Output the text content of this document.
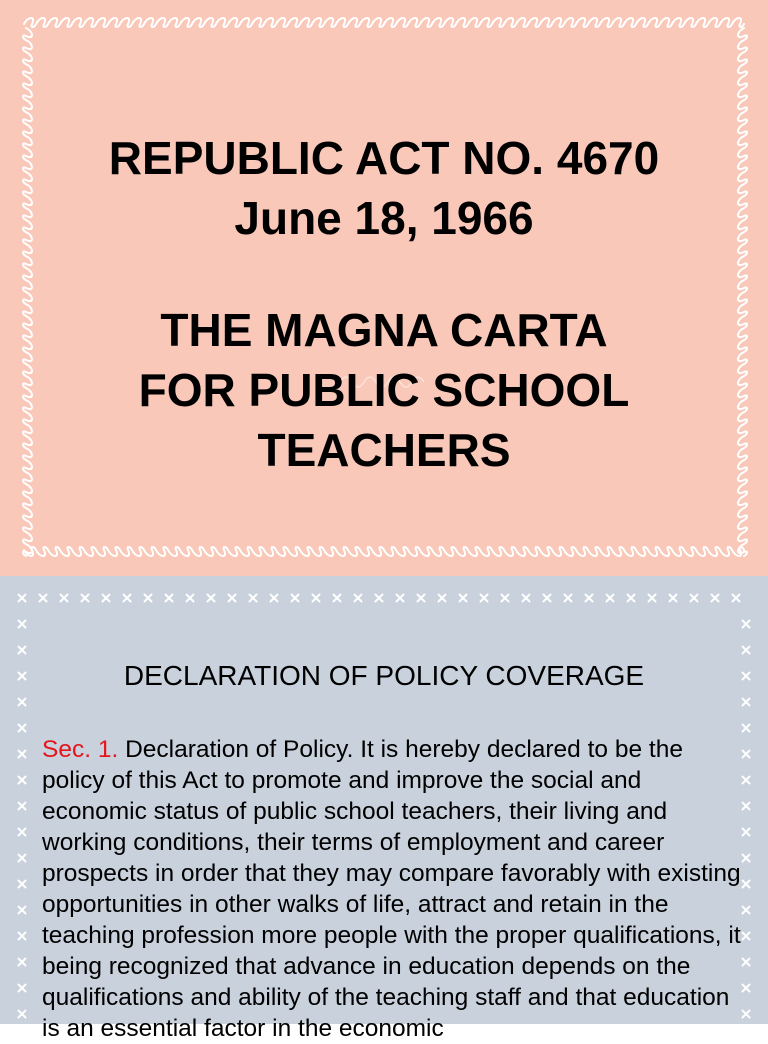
REPUBLIC ACT NO. 4670
June 18, 1966
THE MAGNA CARTA
FOR PUBLIC SCHOOL
TEACHERS
DECLARATION OF POLICY COVERAGE
Sec. 1. Declaration of Policy. It is hereby declared to be the policy of this Act to promote and improve the social and economic status of public school teachers, their living and working conditions, their terms of employment and career prospects in order that they may compare favorably with existing opportunities in other walks of life, attract and retain in the teaching profession more people with the proper qualifications, it being recognized that advance in education depends on the qualifications and ability of the teaching staff and that education is an essential factor in the economic
